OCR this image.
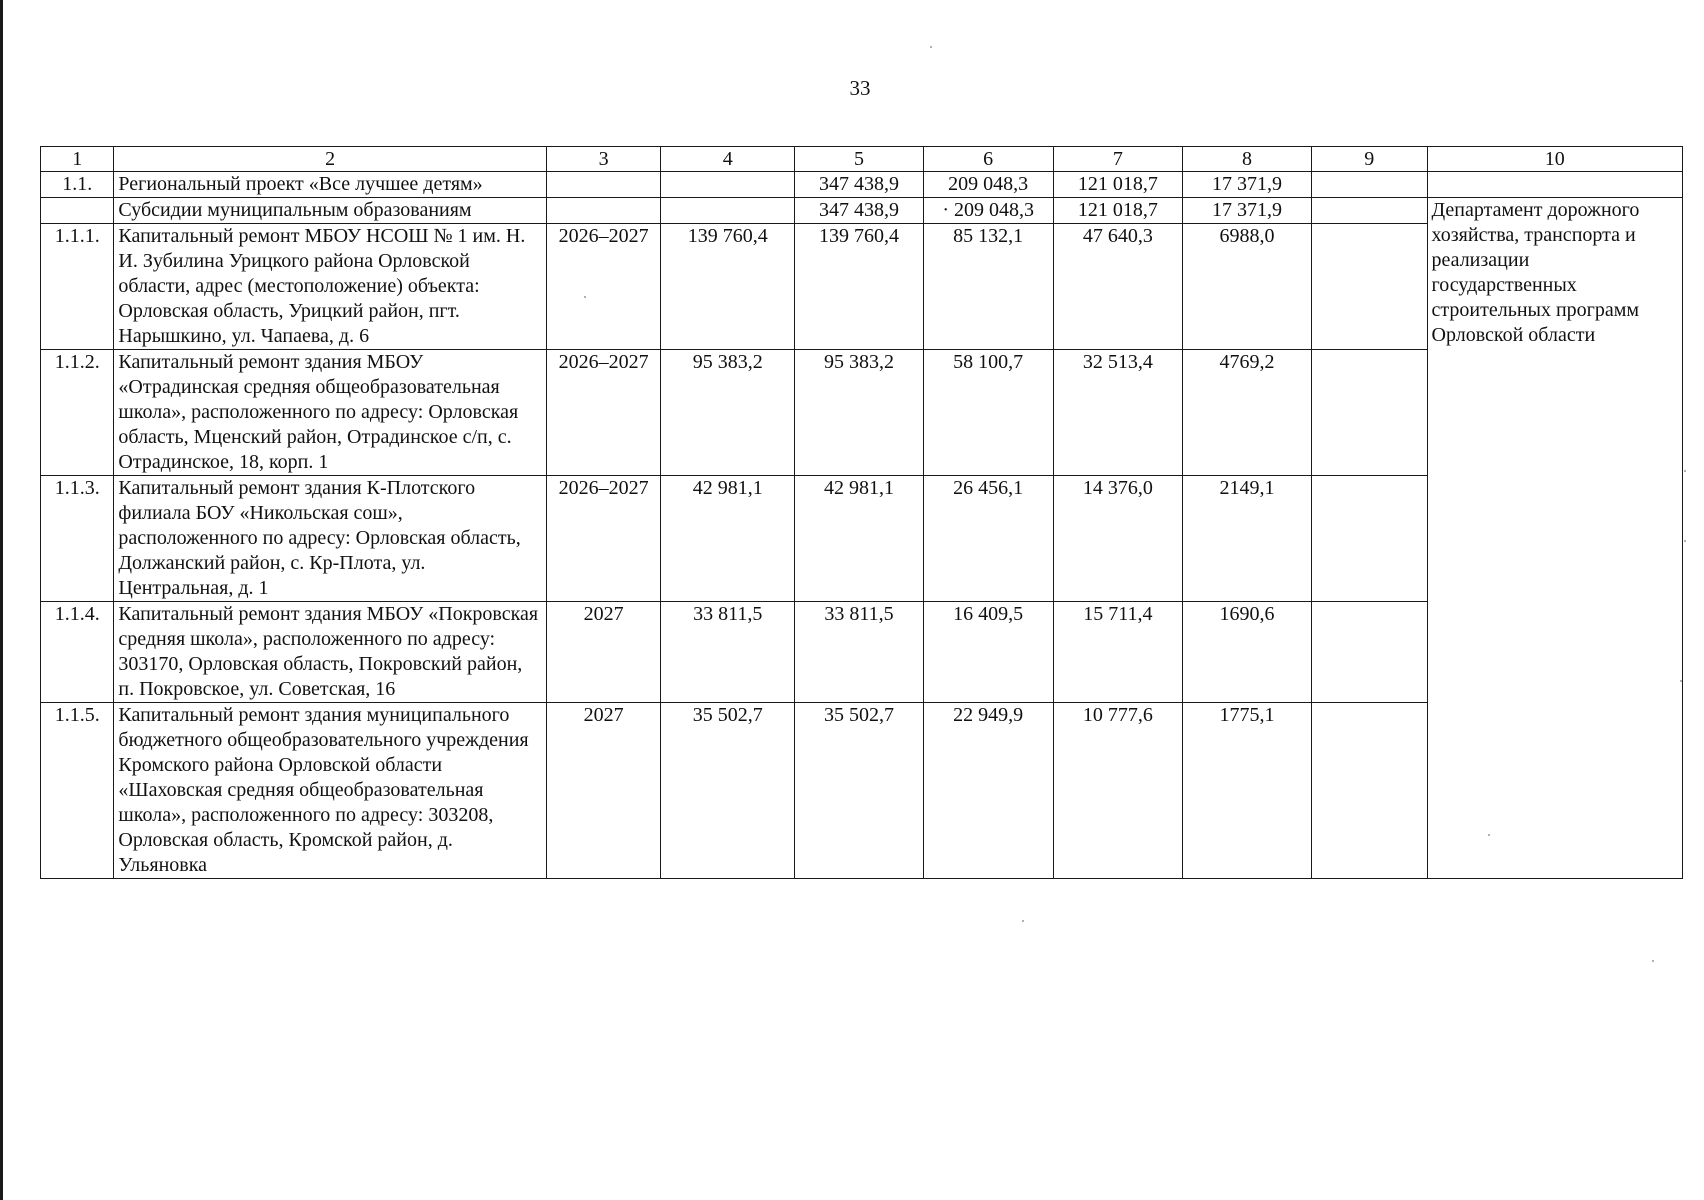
33
1	2	3	4	5	6	7	8	9	10
1.1.	Региональный проект «Все лучшее детям»			347 438,9	209 048,3	121 018,7	17 371,9		
	Субсидии муниципальным образованиям			347 438,9	· 209 048,3	121 018,7	17 371,9		Департамент дорожного хозяйства, транспорта и реализации государственных строительных программ Орловской области
1.1.1.	Капитальный ремонт МБОУ НСОШ № 1 им. Н. И. Зубилина Урицкого района Орловской области, адрес (местоположение) объекта: Орловская область, Урицкий район, пгт. Нарышкино, ул. Чапаева, д. 6	2026–2027	139 760,4	139 760,4	85 132,1	47 640,3	6988,0		
1.1.2.	Капитальный ремонт здания МБОУ «Отрадинская средняя общеобразовательная школа», расположенного по адресу: Орловская область, Мценский район, Отрадинское с/п, с. Отрадинское, 18, корп. 1	2026–2027	95 383,2	95 383,2	58 100,7	32 513,4	4769,2		
1.1.3.	Капитальный ремонт здания К-Плотского филиала БОУ «Никольская сош», расположенного по адресу: Орловская область, Должанский район, с. Кр-Плота, ул. Центральная, д. 1	2026–2027	42 981,1	42 981,1	26 456,1	14 376,0	2149,1		
1.1.4.	Капитальный ремонт здания МБОУ «Покровская средняя школа», расположенного по адресу: 303170, Орловская область, Покровский район, п. Покровское, ул. Советская, 16	2027	33 811,5	33 811,5	16 409,5	15 711,4	1690,6		
1.1.5.	Капитальный ремонт здания муниципального бюджетного общеобразовательного учреждения Кромского района Орловской области «Шаховская средняя общеобразовательная школа», расположенного по адресу: 303208, Орловская область, Кромской район, д. Ульяновка	2027	35 502,7	35 502,7	22 949,9	10 777,6	1775,1		
